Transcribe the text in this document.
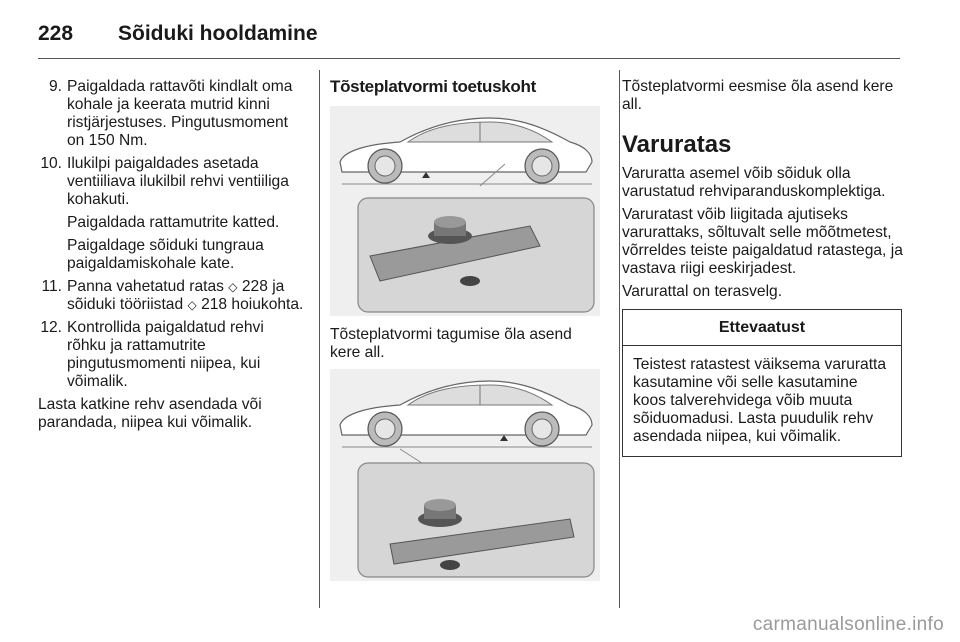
228 Sõiduki hooldamine
9. Paigaldada rattavõti kindlalt oma kohale ja keerata mutrid kinni ristjärjestuses. Pingutusmoment on 150 Nm.

10. Ilukilpi paigaldades asetada ventiiliava ilukilbil rehvi ventiiliga kohakuti.

Paigaldada rattamutrite katted.

Paigaldage sõiduki tungraua paigaldamiskohale kate.

11. Panna vahetatud ratas ◇ 228 ja sõiduki tööriistad ◇ 218 hoiukohta.

12. Kontrollida paigaldatud rehvi rõhku ja rattamutrite pingutusmomenti niipea, kui võimalik.

Lasta katkine rehv asendada või parandada, niipea kui võimalik.

Tõsteplatvormi toetuskoht

Tõsteplatvormi tagumise õla asend kere all.

Tõsteplatvormi eesmise õla asend kere all.

Varuratas

Varuratta asemel võib sõiduk olla varustatud rehviparanduskomplektiga.

Varuratast võib liigitada ajutiseks varurattaks, sõltuvalt selle mõõtmetest, võrreldes teiste paigaldatud ratastega, ja vastava riigi eeskirjadest.

Varurattal on terasvelg.

Ettevaatust
Teistest ratastest väiksema varuratta kasutamine või selle kasutamine koos talverehvidega võib muuta sõiduomadusi. Lasta puudulik rehv asendada niipea, kui võimalik.
carmanualsonline.info
